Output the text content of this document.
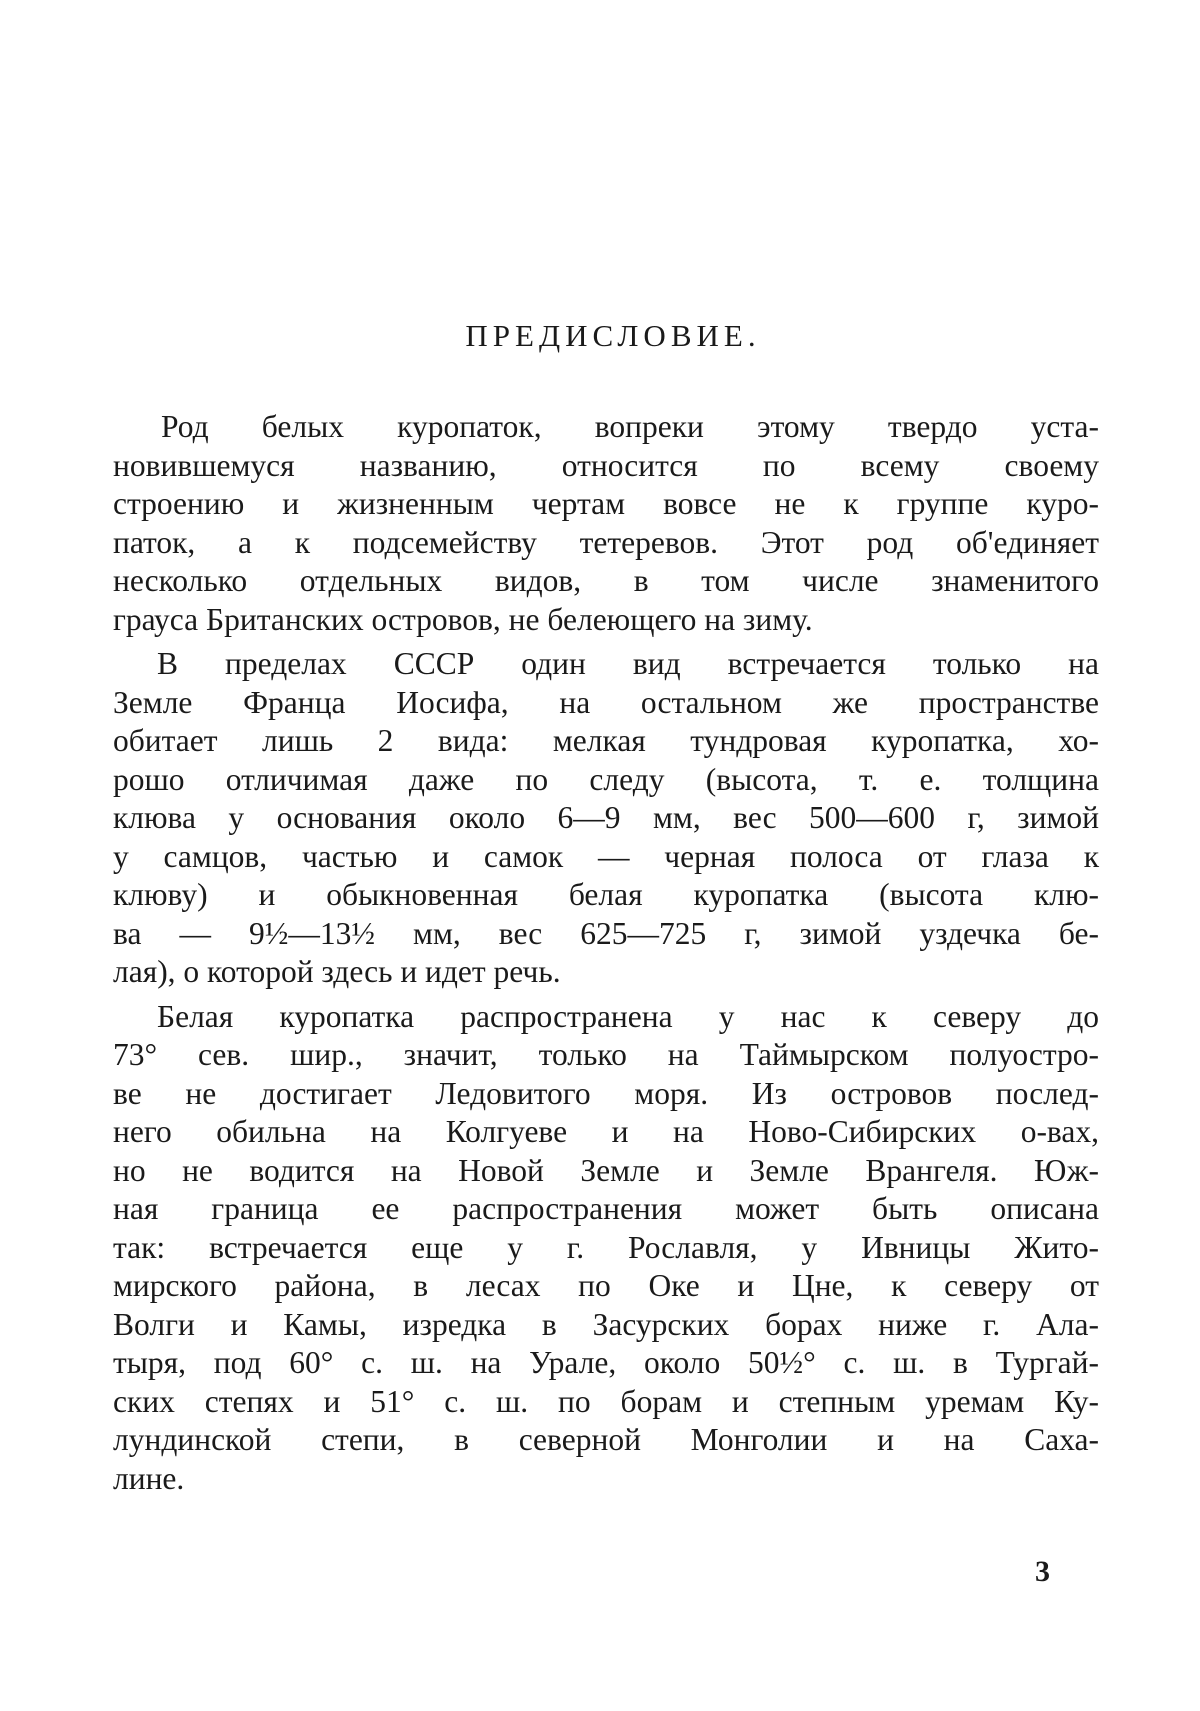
ПРЕДИСЛОВИЕ.
Род белых куропаток, вопреки этому твердо уста-
новившемуся названию, относится по всему своему
строению и жизненным чертам вовсе не к группе куро-
паток, а к подсемейству тетеревов. Этот род об'единяет
несколько отдельных видов, в том числе знаменитого
грауса Британских островов, не белеющего на зиму.
В пределах СССР один вид встречается только на
Земле Франца Иосифа, на остальном же пространстве
обитает лишь 2 вида: мелкая тундровая куропатка, хо-
рошо отличимая даже по следу (высота, т. е. толщина
клюва у основания около 6—9 мм, вес 500—600 г, зимой
у самцов, частью и самок — черная полоса от глаза к
клюву) и обыкновенная белая куропатка (высота клю-
ва — 9½—13½ мм, вес 625—725 г, зимой уздечка бе-
лая), о которой здесь и идет речь.
Белая куропатка распространена у нас к северу до
73° сев. шир., значит, только на Таймырском полуостро-
ве не достигает Ледовитого моря. Из островов послед-
него обильна на Колгуеве и на Ново-Сибирских о-вах,
но не водится на Новой Земле и Земле Врангеля. Юж-
ная граница ее распространения может быть описана
так: встречается еще у г. Рославля, у Ивницы Жито-
мирского района, в лесах по Оке и Цне, к северу от
Волги и Камы, изредка в Засурских борах ниже г. Ала-
тыря, под 60° с. ш. на Урале, около 50½° с. ш. в Тургай-
ских степях и 51° с. ш. по борам и степным уремам Ку-
лундинской степи, в северной Монголии и на Саха-
лине.

3
